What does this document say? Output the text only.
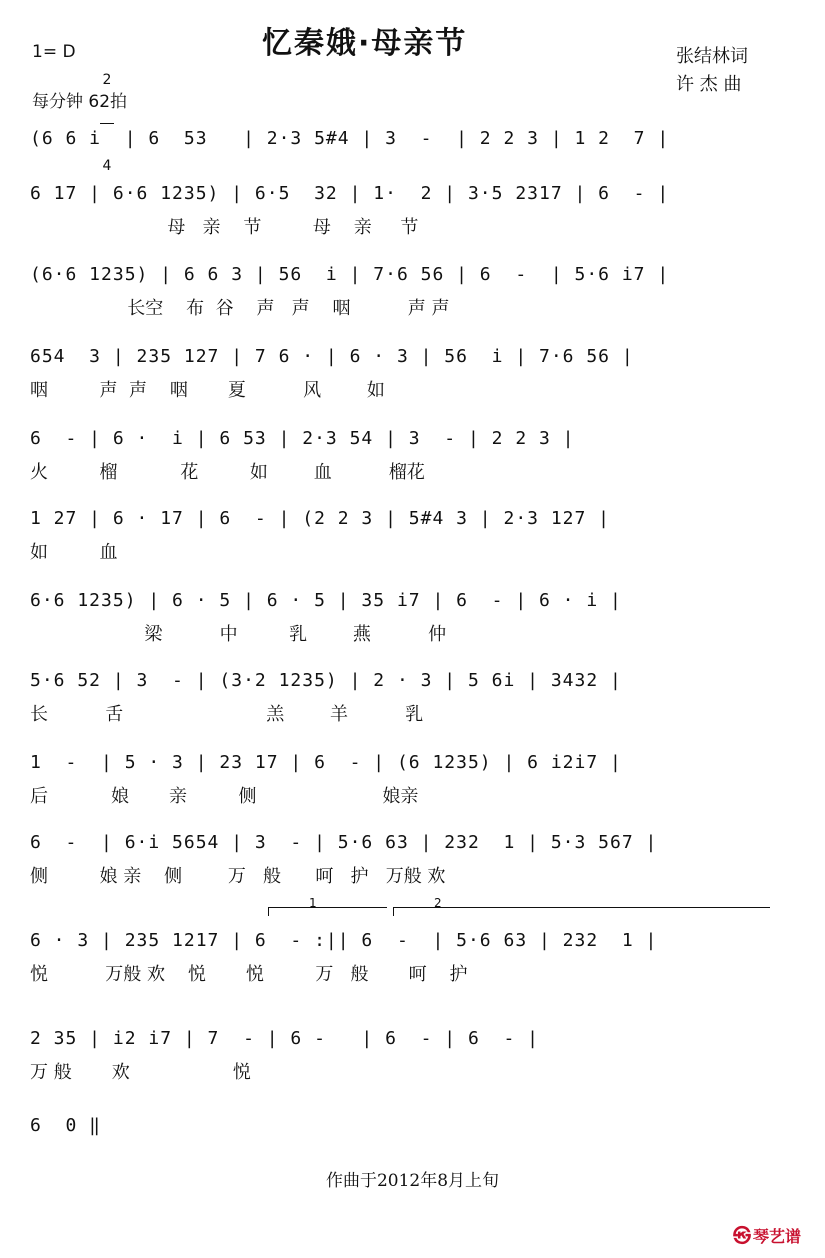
忆秦娥·母亲节
1= D

2

4

每分钟 62拍
张结林词
许 杰 曲
(6 6 i  | 6  53   | 2·3 5#4 | 3  -  | 2 2 3 | 1 2  7 |
6 17 | 6·6 1235) | 6·5  32 | 1·  2 | 3·5 2317 | 6  - |
母   亲    节         母    亲     节
(6·6 1235) | 6 6 3 | 56  i | 7·6 56 | 6  -  | 5·6 i7 |
长空    布  谷    声   声    咽          声 声
654  3 | 235 127 | 7 6 · | 6 · 3 | 56  i | 7·6 56 |
咽         声  声    咽       夏          风        如
6  - | 6 ·  i | 6 53 | 2·3 54 | 3  - | 2 2 3 |
火         榴           花         如        血          榴花
1 27 | 6 · 17 | 6  - | (2 2 3 | 5#4 3 | 2·3 127 |
如         血
6·6 1235) | 6 · 5 | 6 · 5 | 35 i7 | 6  - | 6 · i |
梁          中         乳        燕          仲
5·6 52 | 3  - | (3·2 1235) | 2 · 3 | 5 6i | 3432 |
长          舌                         羔        羊          乳
1  -  | 5 · 3 | 23 17 | 6  - | (6 1235) | 6 i2i7 |
后           娘       亲         侧                      娘亲
6  -  | 6·i 5654 | 3  - | 5·6 63 | 232  1 | 5·3 567 |
侧         娘 亲    侧        万   般      呵   护   万般 欢
6 · 3 | 235 1217 | 6  - :|| 6  -  | 5·6 63 | 232  1 |
悦          万般 欢    悦       悦         万   般       呵    护
2 35 | i2 i7 | 7  - | 6 -   | 6  - | 6  - |
万 般       欢                  悦
6  0 ‖
1	2
作曲于2012年8月上旬
㉿ 琴艺谱
